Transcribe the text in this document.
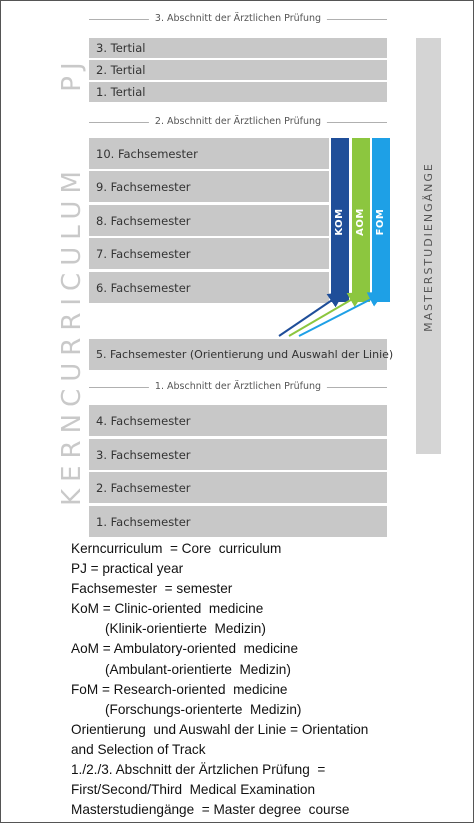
3. Abschnitt der Ärztlichen Prüfung
2. Abschnitt der Ärztlichen Prüfung
1. Abschnitt der Ärztlichen Prüfung
3. Tertial
2. Tertial
1. Tertial
10. Fachsemester
9. Fachsemester
8. Fachsemester
7. Fachsemester
6. Fachsemester
5. Fachsemester (Orientierung und Auswahl der Linie)
4. Fachsemester
3. Fachsemester
2. Fachsemester
1. Fachsemester
PJ
KERNCURRICULUM	KOM AOM FOM	MASTERSTUDIENGÄNGE
Kerncurriculum  = Core  curriculum
PJ = practical year
Fachsemester  = semester
KoM = Clinic-oriented  medicine
(Klinik-orientierte  Medizin)
AoM = Ambulatory-oriented  medicine
(Ambulant-orientierte  Medizin)
FoM = Research-oriented  medicine
(Forschungs-orienterte  Medizin)
Orientierung  und Auswahl der Linie = Orientation
and Selection of Track
1./2./3. Abschnitt der Ärtzlichen Prüfung  =
First/Second/Third  Medical Examination
Masterstudiengänge  = Master degree  course
